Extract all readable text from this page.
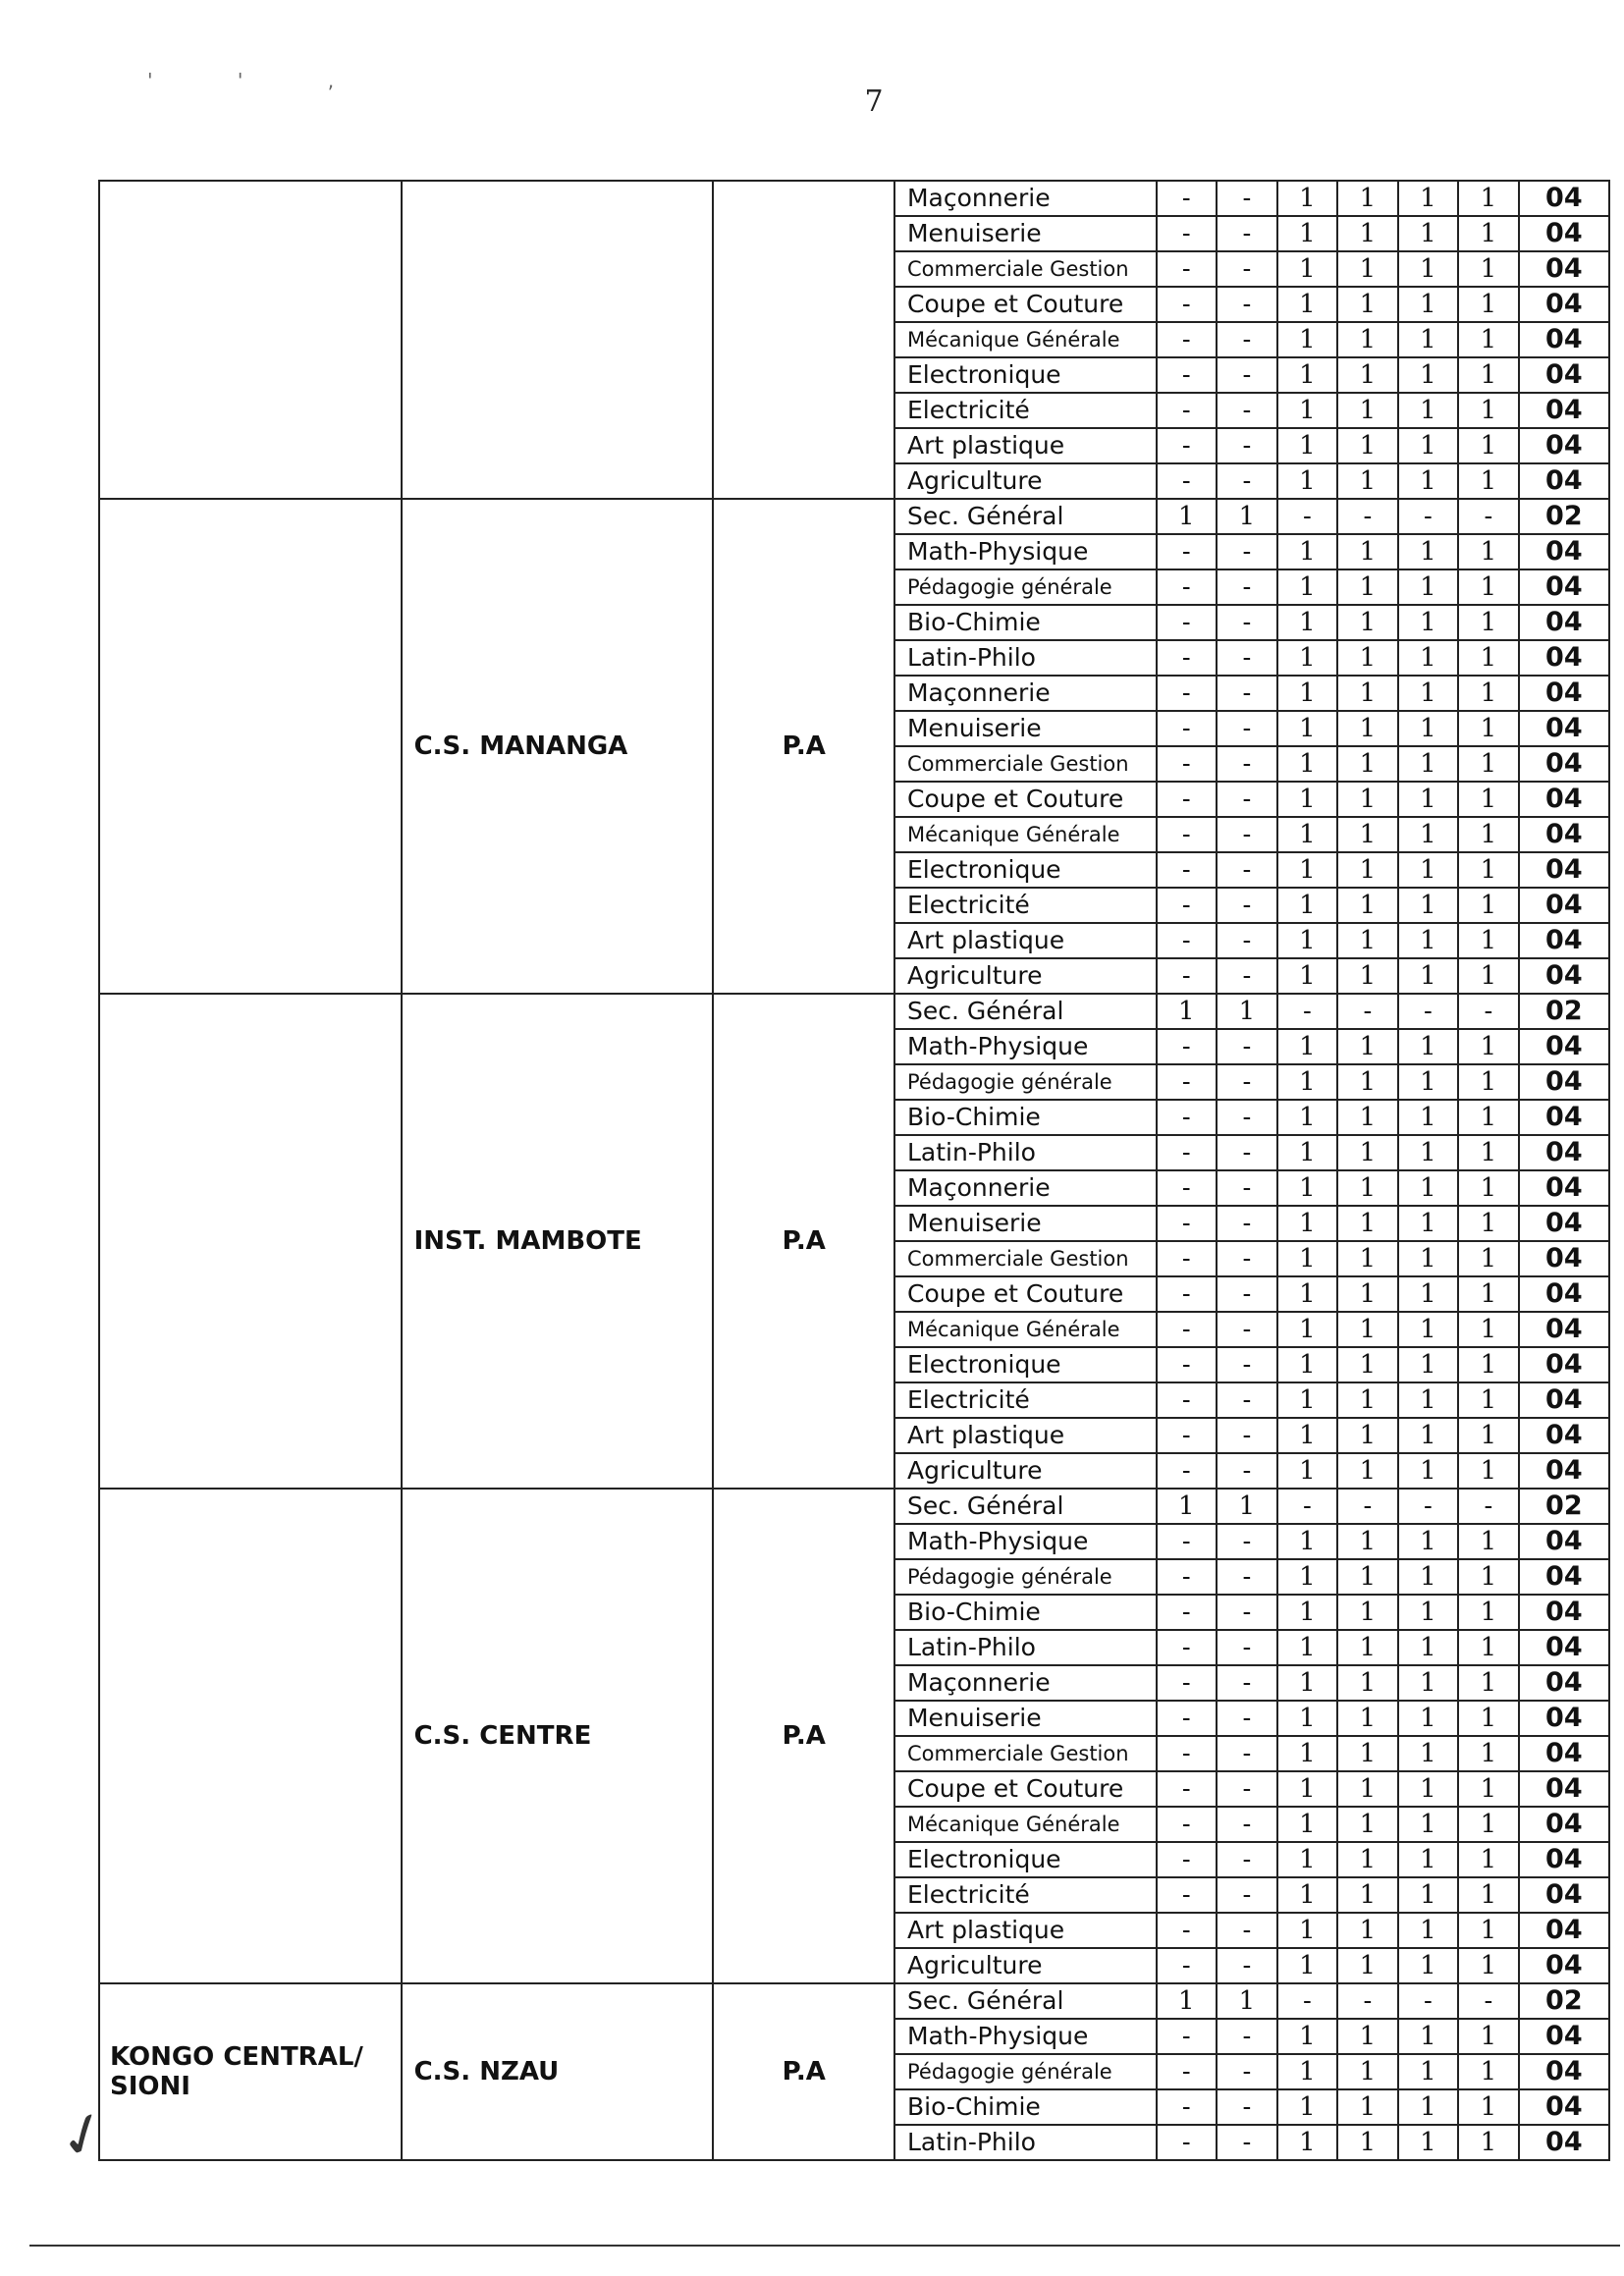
7
' ' ,
			Maçonnerie	-	-	1	1	1	1	04
			Menuiserie	-	-	1	1	1	1	04
			Commerciale Gestion	-	-	1	1	1	1	04
			Coupe et Couture	-	-	1	1	1	1	04
			Mécanique Générale	-	-	1	1	1	1	04
			Electronique	-	-	1	1	1	1	04
			Electricité	-	-	1	1	1	1	04
			Art plastique	-	-	1	1	1	1	04
			Agriculture	-	-	1	1	1	1	04
	C.S. MANANGA	P.A	Sec. Général	1	1	-	-	-	-	02
			Math-Physique	-	-	1	1	1	1	04
			Pédagogie générale	-	-	1	1	1	1	04
			Bio-Chimie	-	-	1	1	1	1	04
			Latin-Philo	-	-	1	1	1	1	04
			Maçonnerie	-	-	1	1	1	1	04
			Menuiserie	-	-	1	1	1	1	04
			Commerciale Gestion	-	-	1	1	1	1	04
			Coupe et Couture	-	-	1	1	1	1	04
			Mécanique Générale	-	-	1	1	1	1	04
			Electronique	-	-	1	1	1	1	04
			Electricité	-	-	1	1	1	1	04
			Art plastique	-	-	1	1	1	1	04
			Agriculture	-	-	1	1	1	1	04
	INST. MAMBOTE	P.A	Sec. Général	1	1	-	-	-	-	02
			Math-Physique	-	-	1	1	1	1	04
			Pédagogie générale	-	-	1	1	1	1	04
			Bio-Chimie	-	-	1	1	1	1	04
			Latin-Philo	-	-	1	1	1	1	04
			Maçonnerie	-	-	1	1	1	1	04
			Menuiserie	-	-	1	1	1	1	04
			Commerciale Gestion	-	-	1	1	1	1	04
			Coupe et Couture	-	-	1	1	1	1	04
			Mécanique Générale	-	-	1	1	1	1	04
			Electronique	-	-	1	1	1	1	04
			Electricité	-	-	1	1	1	1	04
			Art plastique	-	-	1	1	1	1	04
			Agriculture	-	-	1	1	1	1	04
	C.S. CENTRE	P.A	Sec. Général	1	1	-	-	-	-	02
			Math-Physique	-	-	1	1	1	1	04
			Pédagogie générale	-	-	1	1	1	1	04
			Bio-Chimie	-	-	1	1	1	1	04
			Latin-Philo	-	-	1	1	1	1	04
			Maçonnerie	-	-	1	1	1	1	04
			Menuiserie	-	-	1	1	1	1	04
			Commerciale Gestion	-	-	1	1	1	1	04
			Coupe et Couture	-	-	1	1	1	1	04
			Mécanique Générale	-	-	1	1	1	1	04
			Electronique	-	-	1	1	1	1	04
			Electricité	-	-	1	1	1	1	04
			Art plastique	-	-	1	1	1	1	04
			Agriculture	-	-	1	1	1	1	04
KONGO CENTRAL/ SIONI	C.S. NZAU	P.A	Sec. Général	1	1	-	-	-	-	02
			Math-Physique	-	-	1	1	1	1	04
			Pédagogie générale	-	-	1	1	1	1	04
			Bio-Chimie	-	-	1	1	1	1	04
			Latin-Philo	-	-	1	1	1	1	04
✓
